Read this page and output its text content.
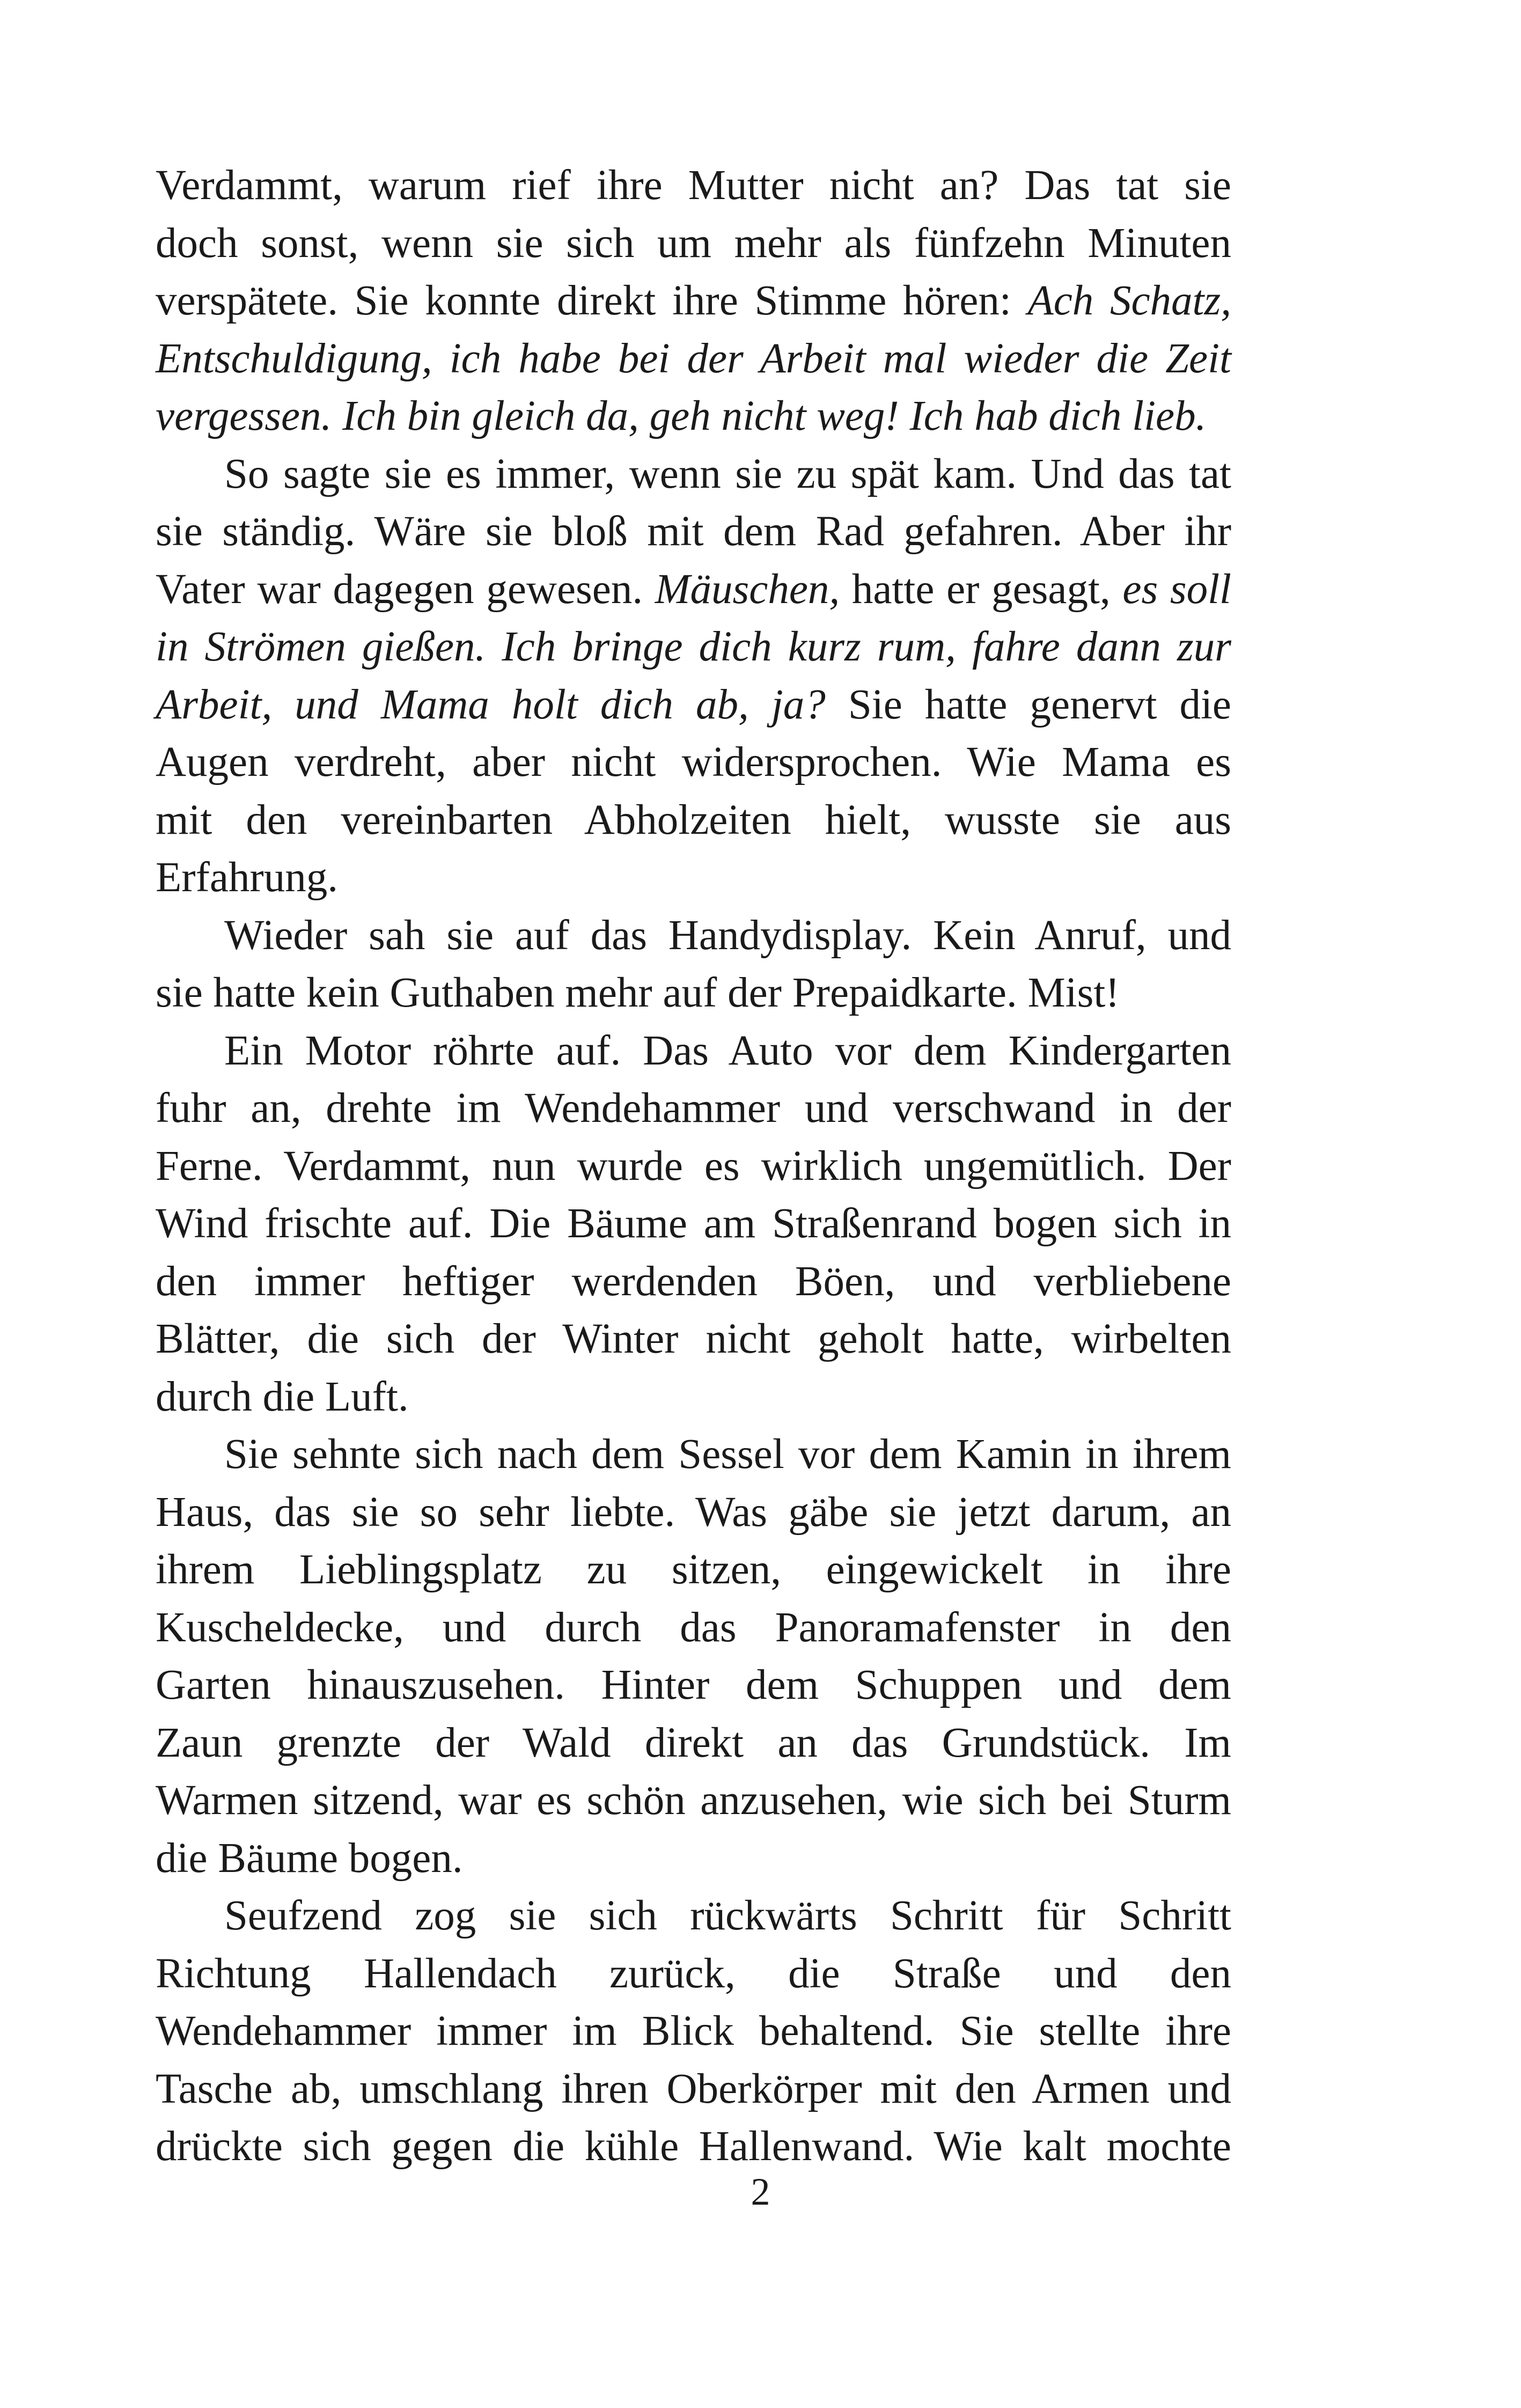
Verdammt, warum rief ihre Mutter nicht an? Das tat sie
doch sonst, wenn sie sich um mehr als fünfzehn Minuten
verspätete. Sie konnte direkt ihre Stimme hören: Ach Schatz,
Entschuldigung, ich habe bei der Arbeit mal wieder die Zeit
vergessen. Ich bin gleich da, geh nicht weg! Ich hab dich lieb.
So sagte sie es immer, wenn sie zu spät kam. Und das tat
sie ständig. Wäre sie bloß mit dem Rad gefahren. Aber ihr
Vater war dagegen gewesen. Mäuschen, hatte er gesagt, es soll
in Strömen gießen. Ich bringe dich kurz rum, fahre dann zur
Arbeit, und Mama holt dich ab, ja? Sie hatte genervt die
Augen verdreht, aber nicht widersprochen. Wie Mama es
mit den vereinbarten Abholzeiten hielt, wusste sie aus
Erfahrung.
Wieder sah sie auf das Handydisplay. Kein Anruf, und
sie hatte kein Guthaben mehr auf der Prepaidkarte. Mist!
Ein Motor röhrte auf. Das Auto vor dem Kindergarten
fuhr an, drehte im Wendehammer und verschwand in der
Ferne. Verdammt, nun wurde es wirklich ungemütlich. Der
Wind frischte auf. Die Bäume am Straßenrand bogen sich in
den immer heftiger werdenden Böen, und verbliebene
Blätter, die sich der Winter nicht geholt hatte, wirbelten
durch die Luft.
Sie sehnte sich nach dem Sessel vor dem Kamin in ihrem
Haus, das sie so sehr liebte. Was gäbe sie jetzt darum, an
ihrem Lieblingsplatz zu sitzen, eingewickelt in ihre
Kuscheldecke, und durch das Panoramafenster in den
Garten hinauszusehen. Hinter dem Schuppen und dem
Zaun grenzte der Wald direkt an das Grundstück. Im
Warmen sitzend, war es schön anzusehen, wie sich bei Sturm
die Bäume bogen.
Seufzend zog sie sich rückwärts Schritt für Schritt
Richtung Hallendach zurück, die Straße und den
Wendehammer immer im Blick behaltend. Sie stellte ihre
Tasche ab, umschlang ihren Oberkörper mit den Armen und
drückte sich gegen die kühle Hallenwand. Wie kalt mochte
2
